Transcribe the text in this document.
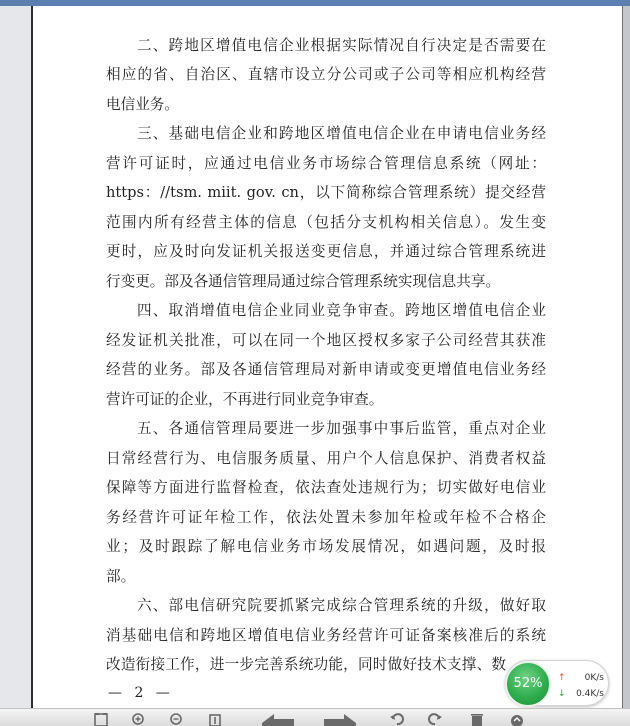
二、跨地区增值电信企业根据实际情况自行决定是否需要在
相应的省、自治区、直辖市设立分公司或子公司等相应机构经营
电信业务。
三、基础电信企业和跨地区增值电信企业在申请电信业务经
营许可证时，应通过电信业务市场综合管理信息系统（网址：
https：//tsm. miit. gov. cn，以下简称综合管理系统）提交经营
范围内所有经营主体的信息（包括分支机构相关信息）。发生变
更时，应及时向发证机关报送变更信息，并通过综合管理系统进
行变更。部及各通信管理局通过综合管理系统实现信息共享。
四、取消增值电信企业同业竞争审查。跨地区增值电信企业
经发证机关批准，可以在同一个地区授权多家子公司经营其获准
经营的业务。部及各通信管理局对新申请或变更增值电信业务经
营许可证的企业，不再进行同业竞争审查。
五、各通信管理局要进一步加强事中事后监管，重点对企业
日常经营行为、电信服务质量、用户个人信息保护、消费者权益
保障等方面进行监督检查，依法查处违规行为；切实做好电信业
务经营许可证年检工作，依法处置未参加年检或年检不合格企
业；及时跟踪了解电信业务市场发展情况，如遇问题，及时报
部。
六、部电信研究院要抓紧完成综合管理系统的升级，做好取
消基础电信和跨地区增值电信业务经营许可证备案核准后的系统
改造衔接工作，进一步完善系统功能，同时做好技术支撑、数
— 2 —
52%	↑ 0K/s
↓ 0.4K/s
